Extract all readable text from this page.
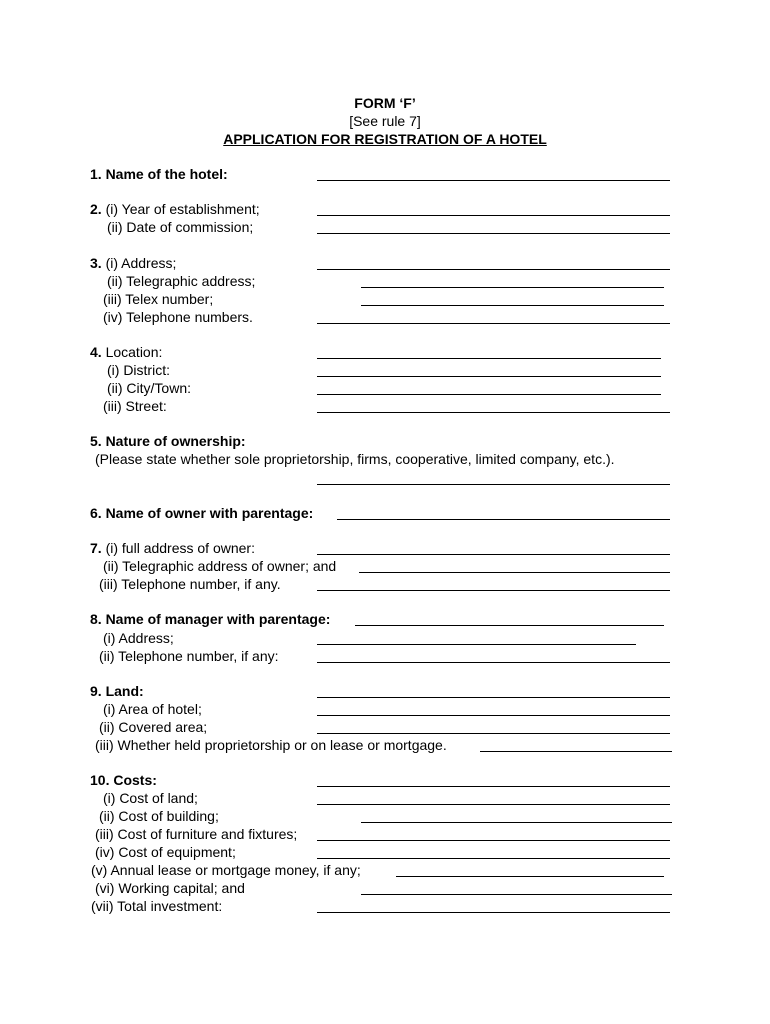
FORM ‘F’
[See rule 7]
APPLICATION FOR REGISTRATION OF A HOTEL
1. Name of the hotel:
2. (i) Year of establishment;
(ii) Date of commission;
3. (i) Address;
(ii) Telegraphic address;
(iii) Telex number;
(iv) Telephone numbers.
4. Location:
(i) District:
(ii) City/Town:
(iii) Street:
5. Nature of ownership:
(Please state whether sole proprietorship, firms, cooperative, limited company, etc.).
6. Name of owner with parentage:
7. (i) full address of owner:
(ii) Telegraphic address of owner; and
(iii) Telephone number, if any.
8. Name of manager with parentage:
(i) Address;
(ii) Telephone number, if any:
9. Land:
(i) Area of hotel;
(ii) Covered area;
(iii) Whether held proprietorship or on lease or mortgage.
10. Costs:
(i) Cost of land;
(ii) Cost of building;
(iii) Cost of furniture and fixtures;
(iv) Cost of equipment;
(v) Annual lease or mortgage money, if any;
(vi) Working capital; and
(vii) Total investment:
